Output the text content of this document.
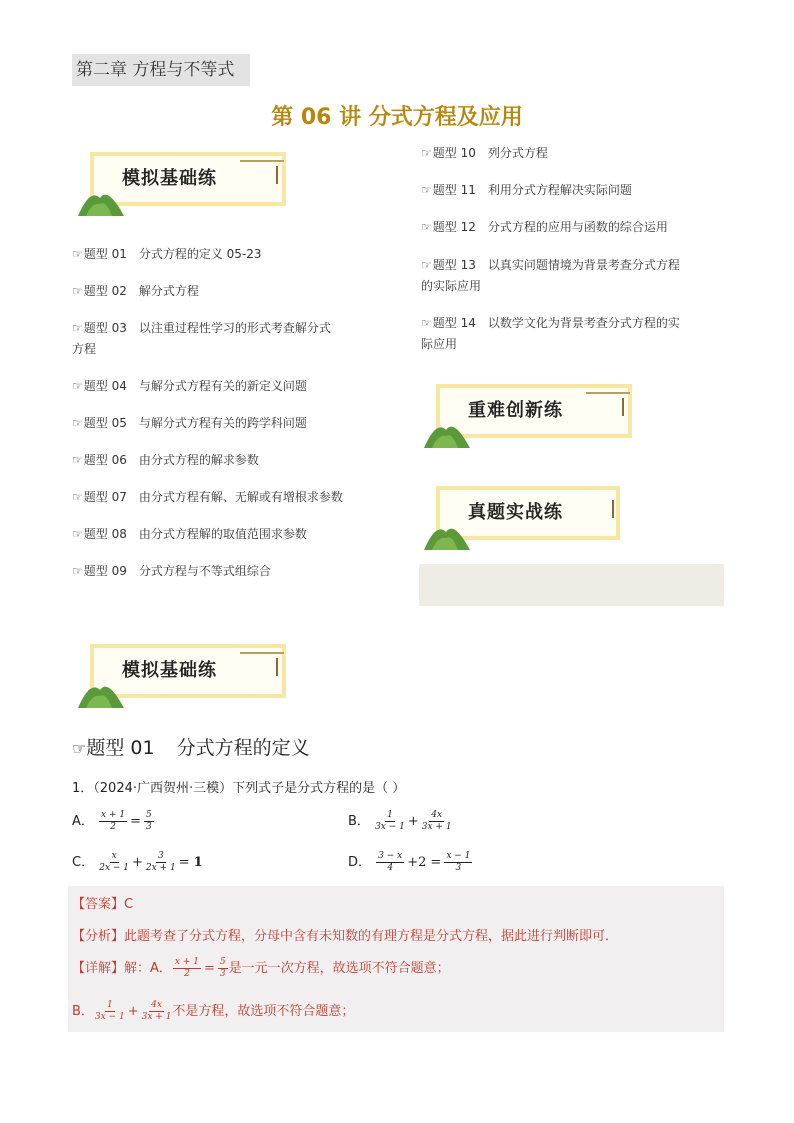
第二章 方程与不等式
第 06 讲 分式方程及应用
模拟基础练
☞题型 01 分式方程的定义 05-23
☞题型 02 解分式方程
☞题型 03 以注重过程性学习的形式考查解分式
方程
☞题型 04 与解分式方程有关的新定义问题
☞题型 05 与解分式方程有关的跨学科问题
☞题型 06 由分式方程的解求参数
☞题型 07 由分式方程有解、无解或有增根求参数
☞题型 08 由分式方程解的取值范围求参数
☞题型 09 分式方程与不等式组综合
☞题型 10 列分式方程
☞题型 11 利用分式方程解决实际问题
☞题型 12 分式方程的应用与函数的综合运用
☞题型 13 以真实问题情境为背景考查分式方程
的实际应用
☞题型 14 以数学文化为背景考查分式方程的实
际应用
重难创新练
真题实战练
模拟基础练
☞题型 01 分式方程的定义
1．（2024·广西贺州·三模）下列式子是分式方程的是（ ）
A． $\frac{x + 1}{2} = \frac{5}{3}$	B． $\frac{1}{3x - 1} + \frac{4x}{3x + 1}$
C． $\frac{x}{2x - 1} + \frac{3}{2x + 1} = 1$	D． $\frac{3 - x}{4} +2 = \frac{x - 1}{3}$
【答案】C
【分析】此题考查了分式方程，分母中含有未知数的有理方程是分式方程，据此进行判断即可．
【详解】解：A． $\frac{x + 1}{2} = \frac{5}{3}$ 是一元一次方程，故选项不符合题意；
B． $\frac{1}{3x - 1} + \frac{4x}{3x + 1}$ 不是方程，故选项不符合题意；
